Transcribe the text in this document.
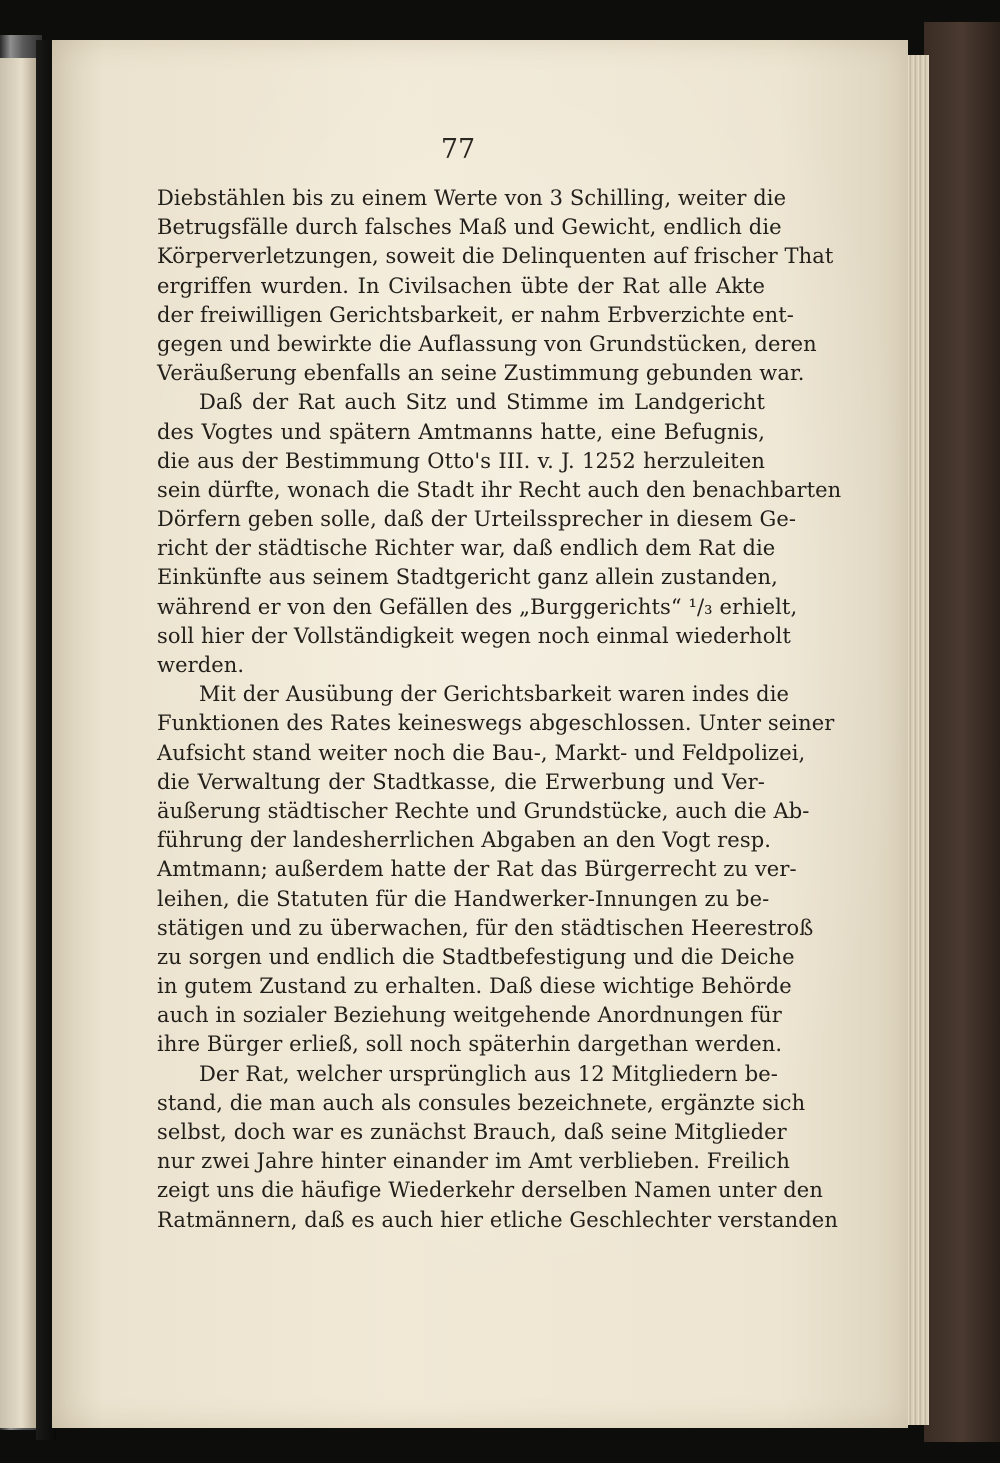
77
Diebstählen bis zu einem Werte von 3 Schilling, weiter die
Betrugsfälle durch falsches Maß und Gewicht, endlich die
Körperverletzungen, soweit die Delinquenten auf frischer That
ergriffen wurden. In Civilsachen übte der Rat alle Akte
der freiwilligen Gerichtsbarkeit, er nahm Erbverzichte ent-
gegen und bewirkte die Auflassung von Grundstücken, deren
Veräußerung ebenfalls an seine Zustimmung gebunden war.
Daß der Rat auch Sitz und Stimme im Landgericht
des Vogtes und spätern Amtmanns hatte, eine Befugnis,
die aus der Bestimmung Otto's III. v. J. 1252 herzuleiten
sein dürfte, wonach die Stadt ihr Recht auch den benachbarten
Dörfern geben solle, daß der Urteilssprecher in diesem Ge-
richt der städtische Richter war, daß endlich dem Rat die
Einkünfte aus seinem Stadtgericht ganz allein zustanden,
während er von den Gefällen des „Burggerichts“ ¹/₃ erhielt,
soll hier der Vollständigkeit wegen noch einmal wiederholt
werden.
Mit der Ausübung der Gerichtsbarkeit waren indes die
Funktionen des Rates keineswegs abgeschlossen. Unter seiner
Aufsicht stand weiter noch die Bau-, Markt- und Feldpolizei,
die Verwaltung der Stadtkasse, die Erwerbung und Ver-
äußerung städtischer Rechte und Grundstücke, auch die Ab-
führung der landesherrlichen Abgaben an den Vogt resp.
Amtmann; außerdem hatte der Rat das Bürgerrecht zu ver-
leihen, die Statuten für die Handwerker-Innungen zu be-
stätigen und zu überwachen, für den städtischen Heerestroß
zu sorgen und endlich die Stadtbefestigung und die Deiche
in gutem Zustand zu erhalten. Daß diese wichtige Behörde
auch in sozialer Beziehung weitgehende Anordnungen für
ihre Bürger erließ, soll noch späterhin dargethan werden.
Der Rat, welcher ursprünglich aus 12 Mitgliedern be-
stand, die man auch als consules bezeichnete, ergänzte sich
selbst, doch war es zunächst Brauch, daß seine Mitglieder
nur zwei Jahre hinter einander im Amt verblieben. Freilich
zeigt uns die häufige Wiederkehr derselben Namen unter den
Ratmännern, daß es auch hier etliche Geschlechter verstanden
